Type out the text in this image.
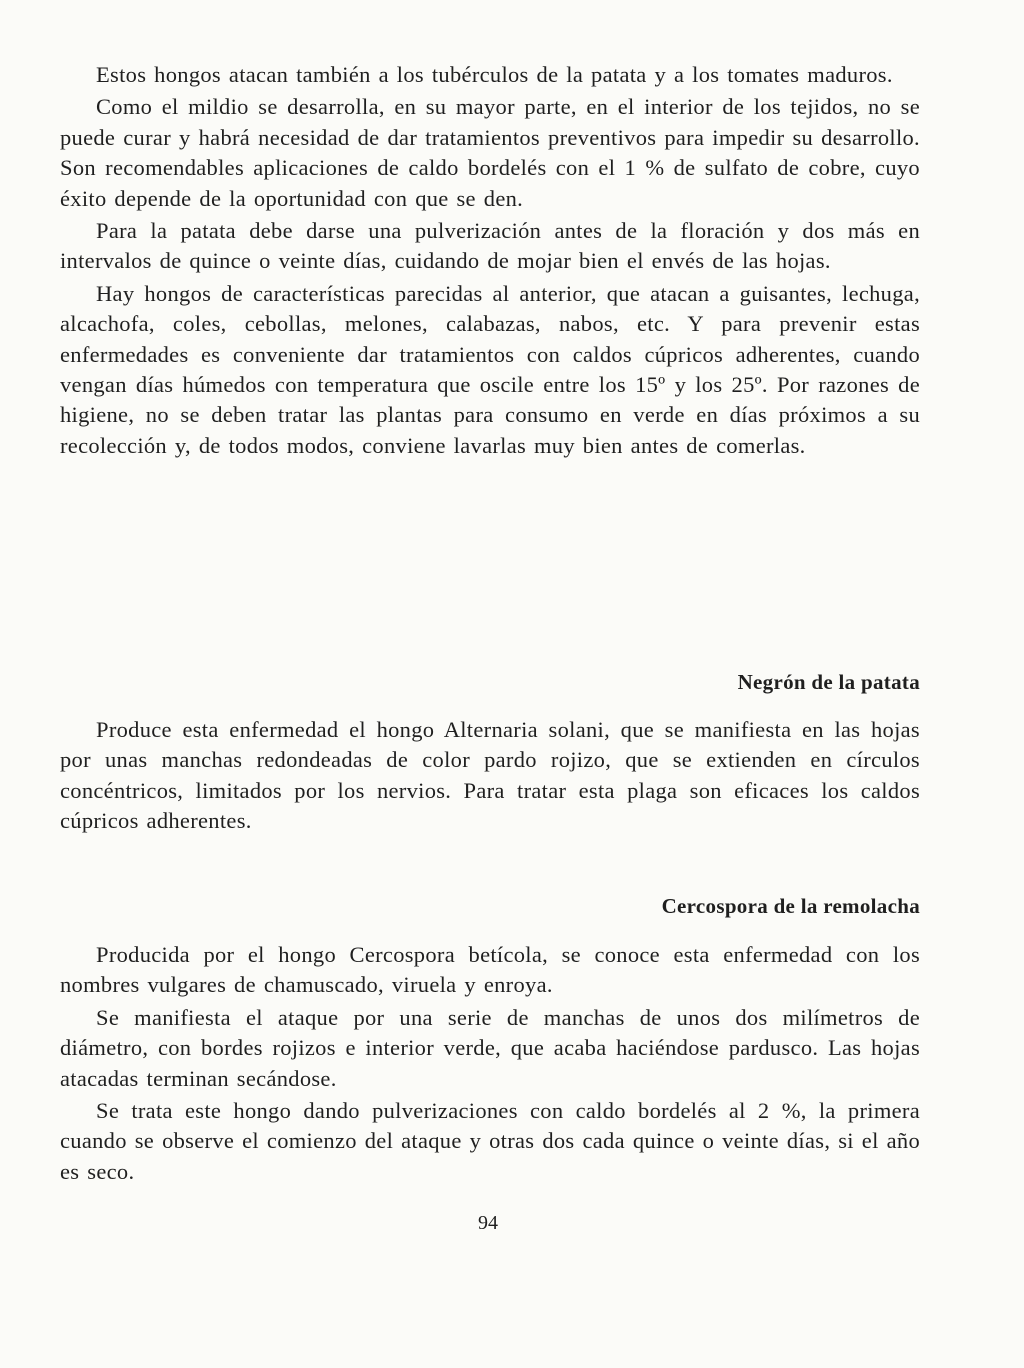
Estos hongos atacan también a los tubérculos de la patata y a los tomates maduros.

Como el mildio se desarrolla, en su mayor parte, en el interior de los tejidos, no se puede curar y habrá necesidad de dar tratamientos preventivos para impedir su desarrollo. Son recomendables aplicaciones de caldo bordelés con el 1 % de sulfato de cobre, cuyo éxito depende de la oportunidad con que se den.

Para la patata debe darse una pulverización antes de la floración y dos más en intervalos de quince o veinte días, cuidando de mojar bien el envés de las hojas.

Hay hongos de características parecidas al anterior, que atacan a guisantes, lechuga, alcachofa, coles, cebollas, melones, calabazas, nabos, etc. Y para prevenir estas enfermedades es conveniente dar tratamientos con caldos cúpricos adherentes, cuando vengan días húmedos con temperatura que oscile entre los 15º y los 25º. Por razones de higiene, no se deben tratar las plantas para consumo en verde en días próximos a su recolección y, de todos modos, conviene lavarlas muy bien antes de comerlas.

Negrón de la patata

Produce esta enfermedad el hongo Alternaria solani, que se manifiesta en las hojas por unas manchas redondeadas de color pardo rojizo, que se extienden en círculos concéntricos, limitados por los nervios. Para tratar esta plaga son eficaces los caldos cúpricos adherentes.

Cercospora de la remolacha

Producida por el hongo Cercospora betícola, se conoce esta enfermedad con los nombres vulgares de chamuscado, viruela y enroya.

Se manifiesta el ataque por una serie de manchas de unos dos milímetros de diámetro, con bordes rojizos e interior verde, que acaba haciéndose pardusco. Las hojas atacadas terminan secándose.

Se trata este hongo dando pulverizaciones con caldo bordelés al 2 %, la primera cuando se observe el comienzo del ataque y otras dos cada quince o veinte días, si el año es seco.

94
